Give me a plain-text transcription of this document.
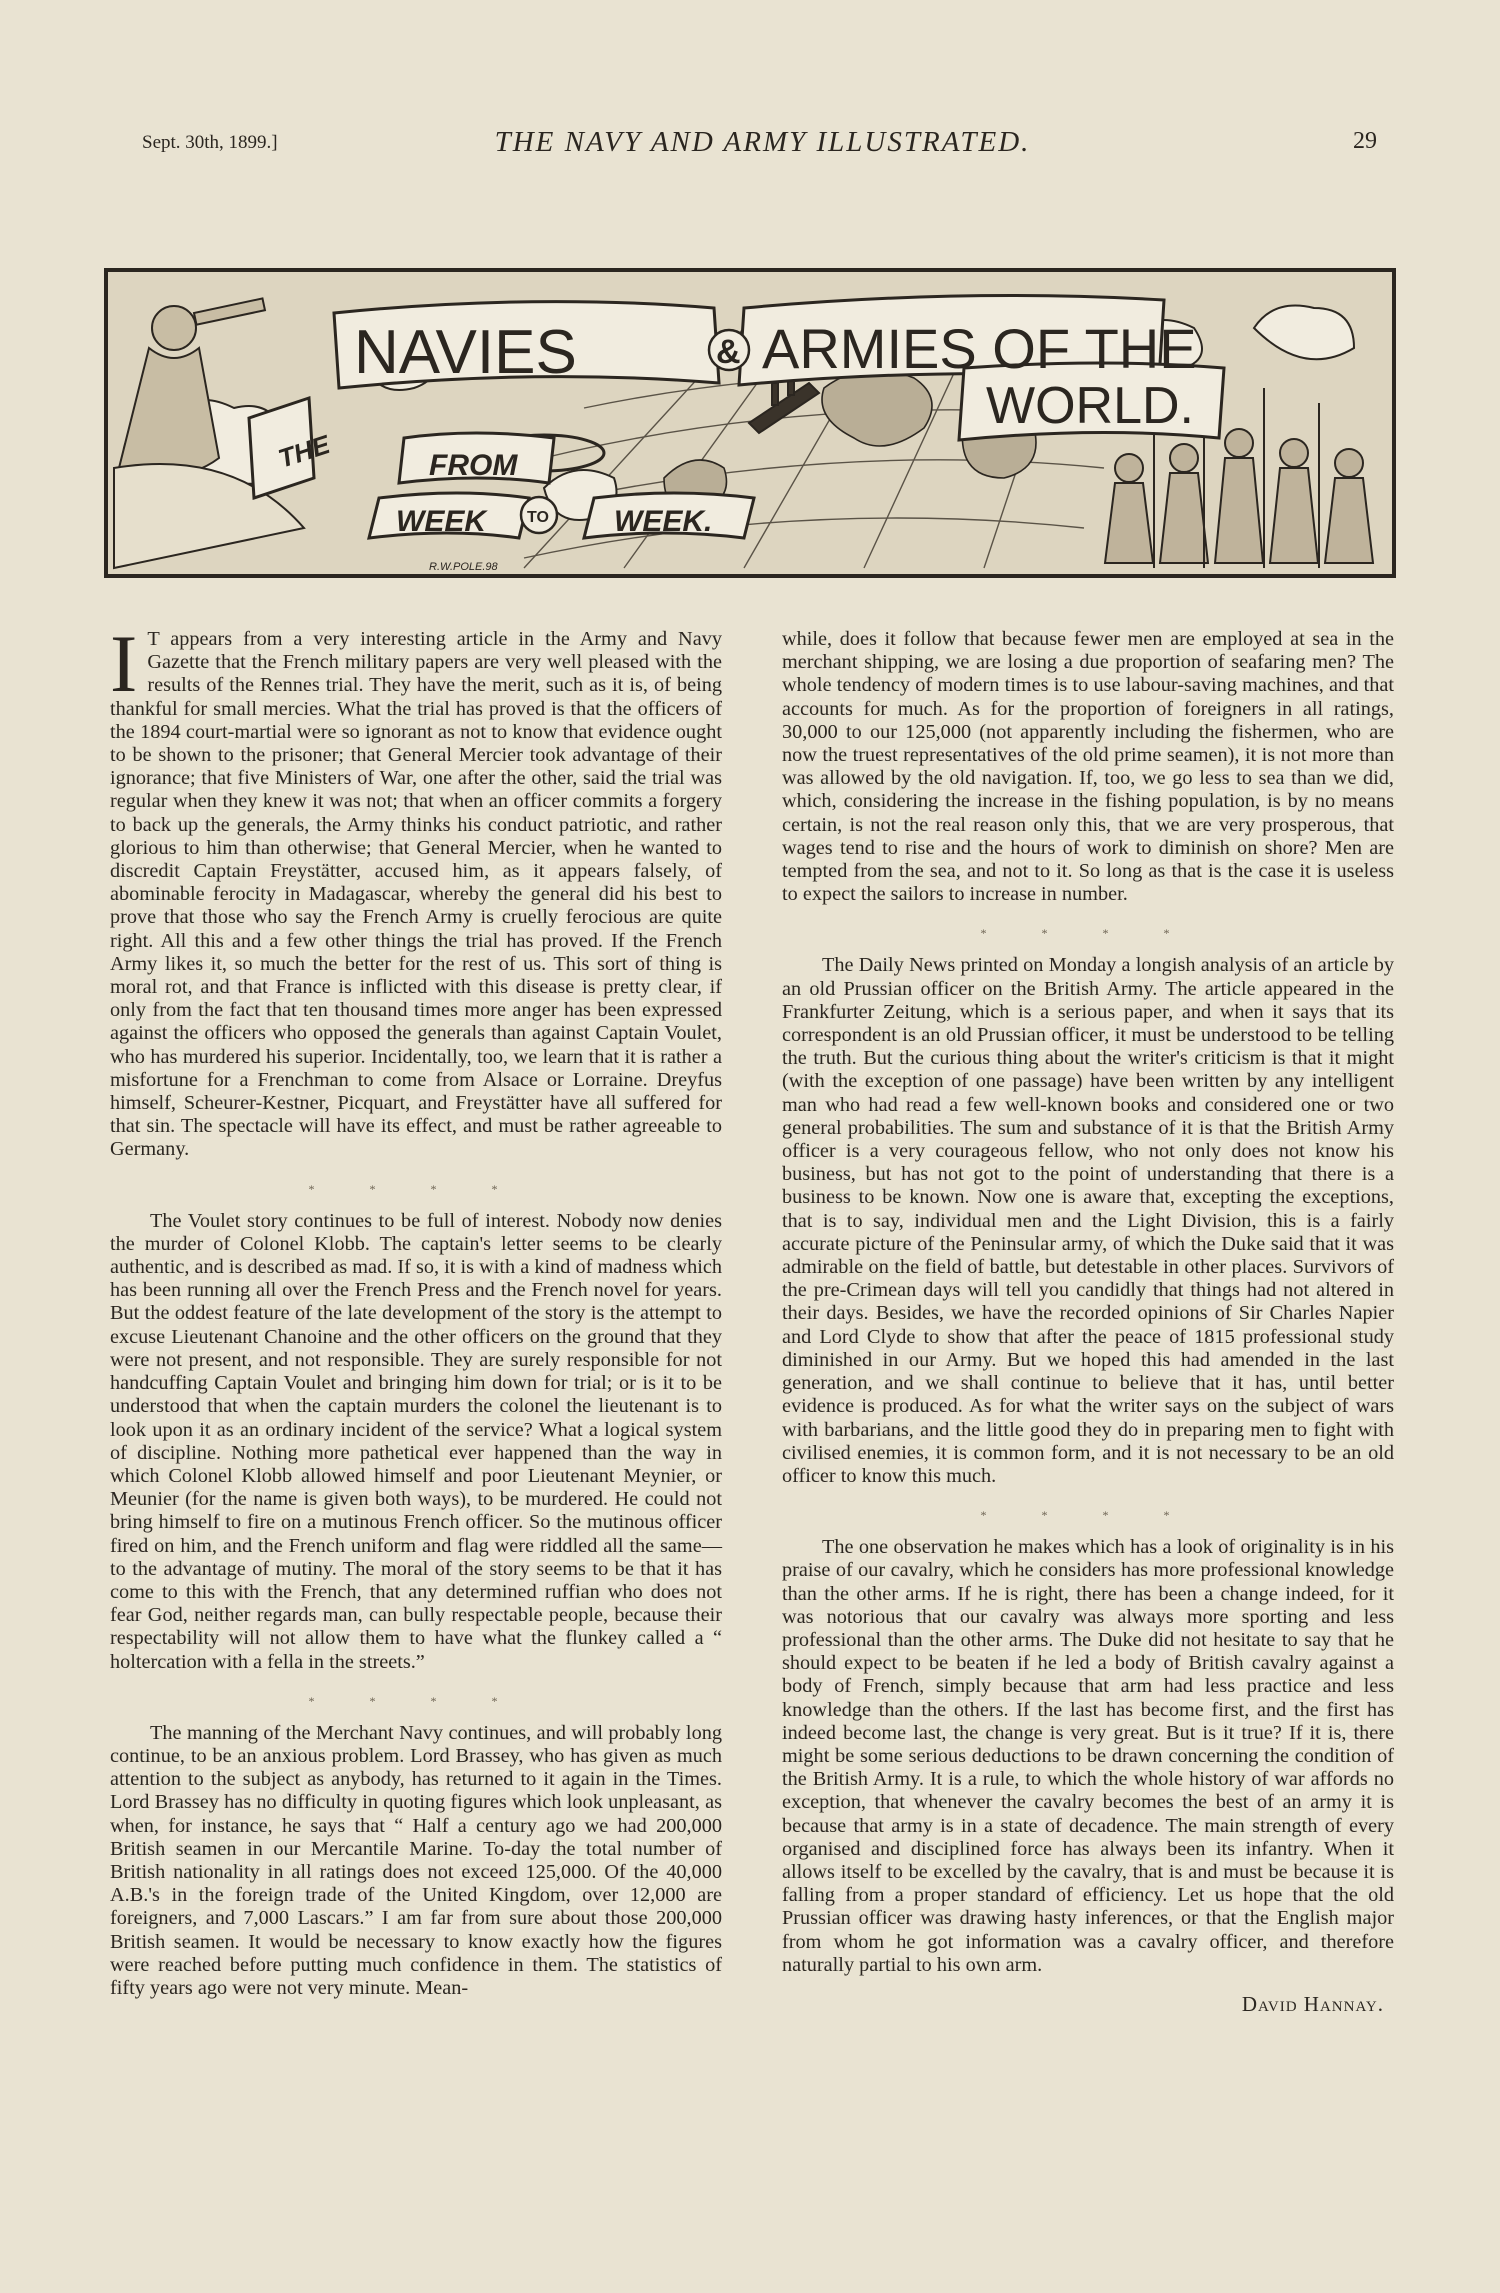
Sept. 30th, 1899.]	THE NAVY AND ARMY ILLUSTRATED.	29
THE
NAVIES	& ARMIES OF THE
WORLD.
FROM
WEEK	TO WEEK.
R.W.POLE.98

I T appears from a very interesting article in the Army and Navy Gazette that the French military papers are very well pleased with the results of the Rennes trial. They have the merit, such as it is, of being thankful for small mercies. What the trial has proved is that the officers of the 1894 court-martial were so ignorant as not to know that evidence ought to be shown to the prisoner; that General Mercier took advantage of their ignorance; that five Ministers of War, one after the other, said the trial was regular when they knew it was not; that when an officer commits a forgery to back up the generals, the Army thinks his conduct patriotic, and rather glorious to him than otherwise; that General Mercier, when he wanted to discredit Captain Freystätter, accused him, as it appears falsely, of abominable ferocity in Madagascar, whereby the general did his best to prove that those who say the French Army is cruelly ferocious are quite right. All this and a few other things the trial has proved. If the French Army likes it, so much the better for the rest of us. This sort of thing is moral rot, and that France is inflicted with this disease is pretty clear, if only from the fact that ten thousand times more anger has been expressed against the officers who opposed the generals than against Captain Voulet, who has murdered his superior. Incidentally, too, we learn that it is rather a misfortune for a Frenchman to come from Alsace or Lorraine. Dreyfus himself, Scheurer-Kestner, Picquart, and Freystätter have all suffered for that sin. The spectacle will have its effect, and must be rather agreeable to Germany.

* * * *

The Voulet story continues to be full of interest. Nobody now denies the murder of Colonel Klobb. The captain's letter seems to be clearly authentic, and is described as mad. If so, it is with a kind of madness which has been running all over the French Press and the French novel for years. But the oddest feature of the late development of the story is the attempt to excuse Lieutenant Chanoine and the other officers on the ground that they were not present, and not responsible. They are surely responsible for not handcuffing Captain Voulet and bringing him down for trial; or is it to be understood that when the captain murders the colonel the lieutenant is to look upon it as an ordinary incident of the service? What a logical system of discipline. Nothing more pathetical ever happened than the way in which Colonel Klobb allowed himself and poor Lieutenant Meynier, or Meunier (for the name is given both ways), to be murdered. He could not bring himself to fire on a mutinous French officer. So the mutinous officer fired on him, and the French uniform and flag were riddled all the same—to the advantage of mutiny. The moral of the story seems to be that it has come to this with the French, that any determined ruffian who does not fear God, neither regards man, can bully respectable people, because their respectability will not allow them to have what the flunkey called a “ holtercation with a fella in the streets.”

* * * *

The manning of the Merchant Navy continues, and will probably long continue, to be an anxious problem. Lord Brassey, who has given as much attention to the subject as anybody, has returned to it again in the Times. Lord Brassey has no difficulty in quoting figures which look unpleasant, as when, for instance, he says that “ Half a century ago we had 200,000 British seamen in our Mercantile Marine. To-day the total number of British nationality in all ratings does not exceed 125,000. Of the 40,000 A.B.'s in the foreign trade of the United Kingdom, over 12,000 are foreigners, and 7,000 Lascars.” I am far from sure about those 200,000 British seamen. It would be necessary to know exactly how the figures were reached before putting much confidence in them. The statistics of fifty years ago were not very minute. Mean-

while, does it follow that because fewer men are employed at sea in the merchant shipping, we are losing a due proportion of seafaring men? The whole tendency of modern times is to use labour-saving machines, and that accounts for much. As for the proportion of foreigners in all ratings, 30,000 to our 125,000 (not apparently including the fishermen, who are now the truest representatives of the old prime seamen), it is not more than was allowed by the old navigation. If, too, we go less to sea than we did, which, considering the increase in the fishing population, is by no means certain, is not the real reason only this, that we are very prosperous, that wages tend to rise and the hours of work to diminish on shore? Men are tempted from the sea, and not to it. So long as that is the case it is useless to expect the sailors to increase in number.

* * * *

The Daily News printed on Monday a longish analysis of an article by an old Prussian officer on the British Army. The article appeared in the Frankfurter Zeitung, which is a serious paper, and when it says that its correspondent is an old Prussian officer, it must be understood to be telling the truth. But the curious thing about the writer's criticism is that it might (with the exception of one passage) have been written by any intelligent man who had read a few well-known books and considered one or two general probabilities. The sum and substance of it is that the British Army officer is a very courageous fellow, who not only does not know his business, but has not got to the point of understanding that there is a business to be known. Now one is aware that, excepting the exceptions, that is to say, individual men and the Light Division, this is a fairly accurate picture of the Peninsular army, of which the Duke said that it was admirable on the field of battle, but detestable in other places. Survivors of the pre-Crimean days will tell you candidly that things had not altered in their days. Besides, we have the recorded opinions of Sir Charles Napier and Lord Clyde to show that after the peace of 1815 professional study diminished in our Army. But we hoped this had amended in the last generation, and we shall continue to believe that it has, until better evidence is produced. As for what the writer says on the subject of wars with barbarians, and the little good they do in preparing men to fight with civilised enemies, it is common form, and it is not necessary to be an old officer to know this much.

* * * *

The one observation he makes which has a look of originality is in his praise of our cavalry, which he considers has more professional knowledge than the other arms. If he is right, there has been a change indeed, for it was notorious that our cavalry was always more sporting and less professional than the other arms. The Duke did not hesitate to say that he should expect to be beaten if he led a body of British cavalry against a body of French, simply because that arm had less practice and less knowledge than the others. If the last has become first, and the first has indeed become last, the change is very great. But is it true? If it is, there might be some serious deductions to be drawn concerning the condition of the British Army. It is a rule, to which the whole history of war affords no exception, that whenever the cavalry becomes the best of an army it is because that army is in a state of decadence. The main strength of every organised and disciplined force has always been its infantry. When it allows itself to be excelled by the cavalry, that is and must be because it is falling from a proper standard of efficiency. Let us hope that the old Prussian officer was drawing hasty inferences, or that the English major from whom he got information was a cavalry officer, and therefore naturally partial to his own arm.

David Hannay.
